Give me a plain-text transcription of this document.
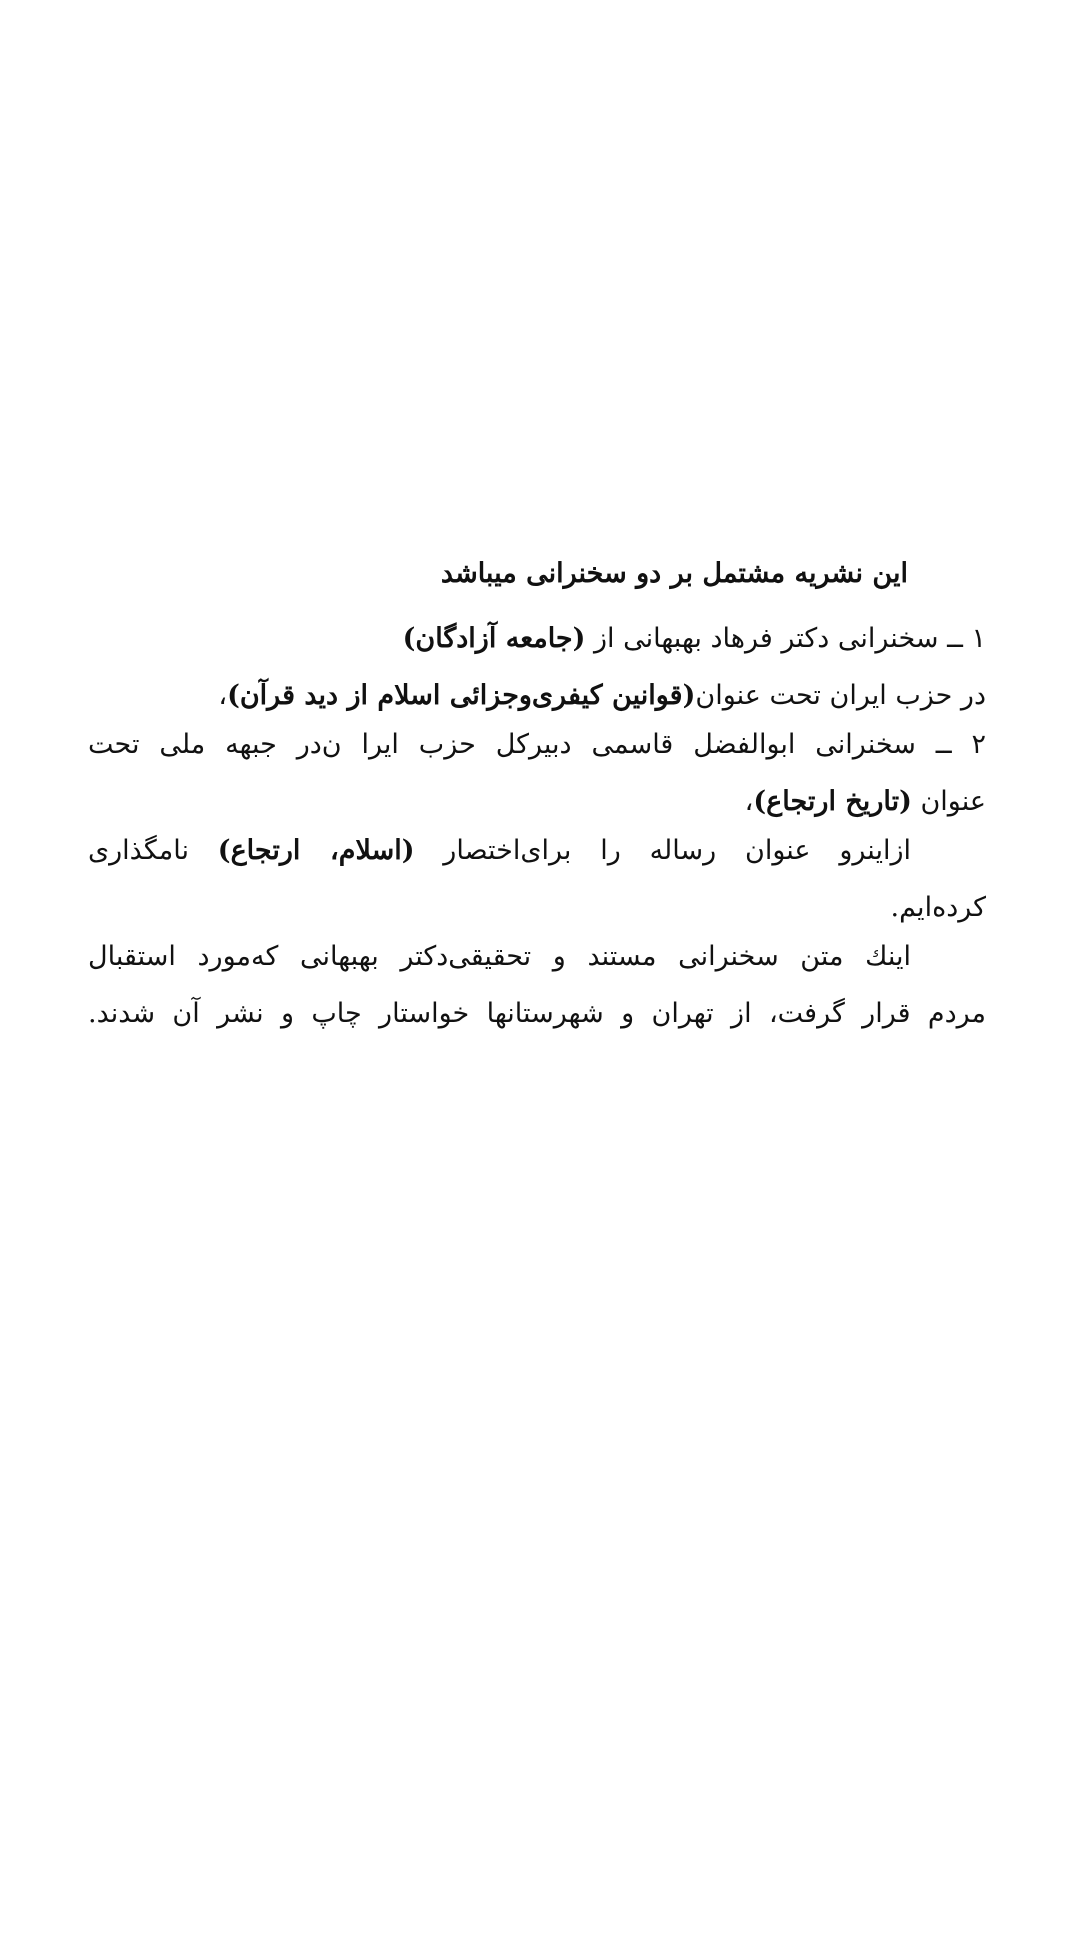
این نشریه مشتمل بر دو سخنرانی میباشد

۱ ــ سخنرانی دکتر فرهاد بهبهانی از (جامعه آزادگان)

در حزب ایران تحت عنوان(قوانین کیفری‌وجزائی اسلام از دید قرآن)،

۲ ــ سخنرانی ابوالفضل قاسمی دبیرکل حزب ایرا ن‌در جبهه ملی تحت

عنوان (تاریخ ارتجاع)،

ازاینرو عنوان رساله را برای‌اختصار (اسلام، ارتجاع) نامگذاری

کرده‌ایم.

اینك متن سخنرانی مستند و تحقیقی‌دکتر بهبهانی کەمورد استقبال

مردم قرار گرفت، از تهران و شهرستانها خواستار چاپ و نشر آن شدند.
